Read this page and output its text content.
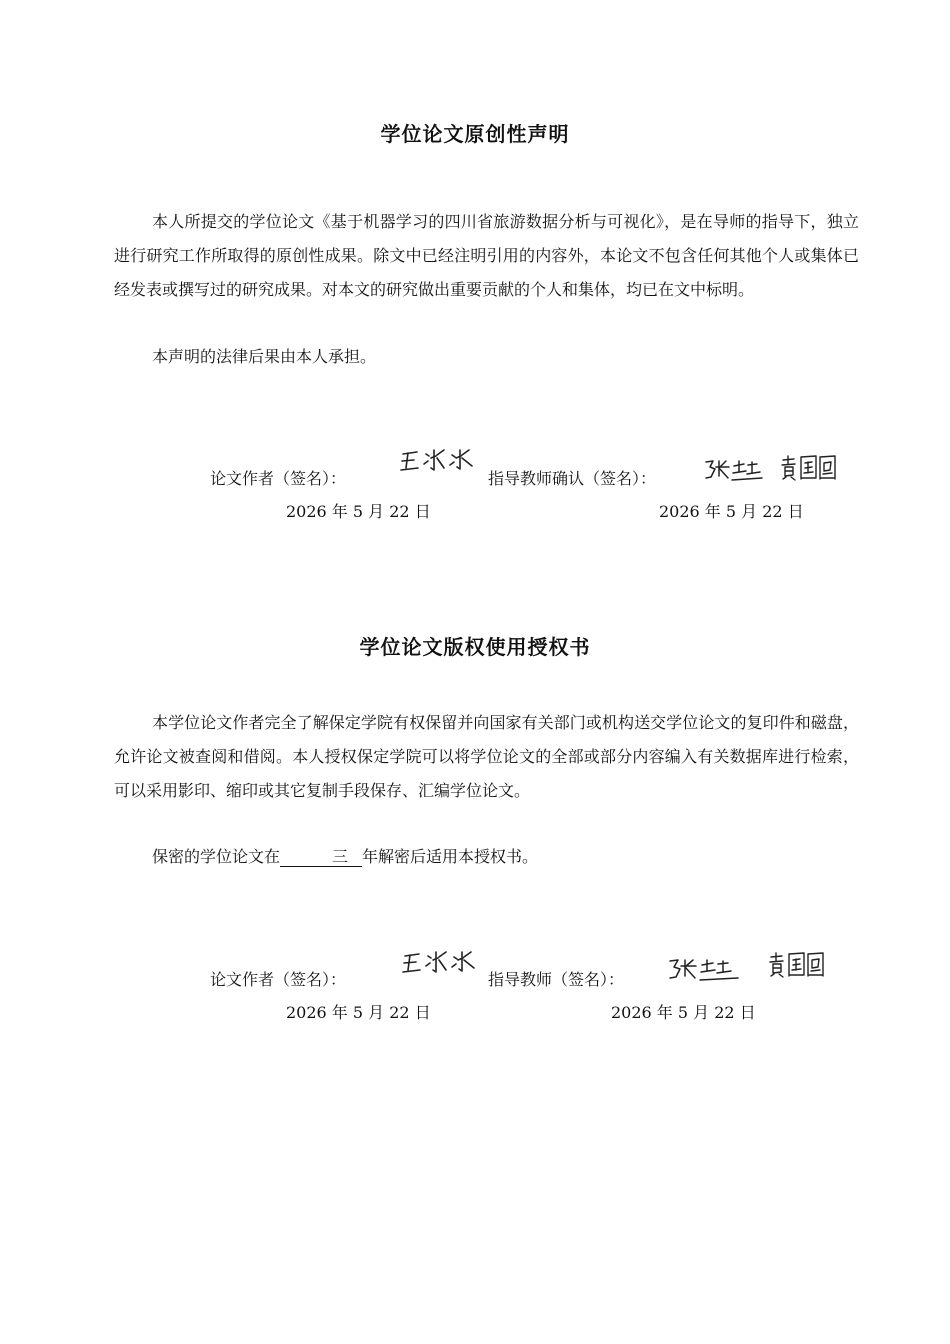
学位论文原创性声明

本人所提交的学位论文《基于机器学习的四川省旅游数据分析与可视化》，是在导师的指导下，独立进行研究工作所取得的原创性成果。除文中已经注明引用的内容外，本论文不包含任何其他个人或集体已经发表或撰写过的研究成果。对本文的研究做出重要贡献的个人和集体，均已在文中标明。

本声明的法律后果由本人承担。

论文作者（签名）：	指导教师确认（签名）：
2026 年 5 月 22 日	2026 年 5 月 22 日
学位论文版权使用授权书

本学位论文作者完全了解保定学院有权保留并向国家有关部门或机构送交学位论文的复印件和磁盘，允许论文被查阅和借阅。本人授权保定学院可以将学位论文的全部或部分内容编入有关数据库进行检索，可以采用影印、缩印或其它复制手段保存、汇编学位论文。

保密的学位论文在	三 年解密后适用本授权书。

论文作者（签名）：	指导教师（签名）：
2026 年 5 月 22 日	2026 年 5 月 22 日
